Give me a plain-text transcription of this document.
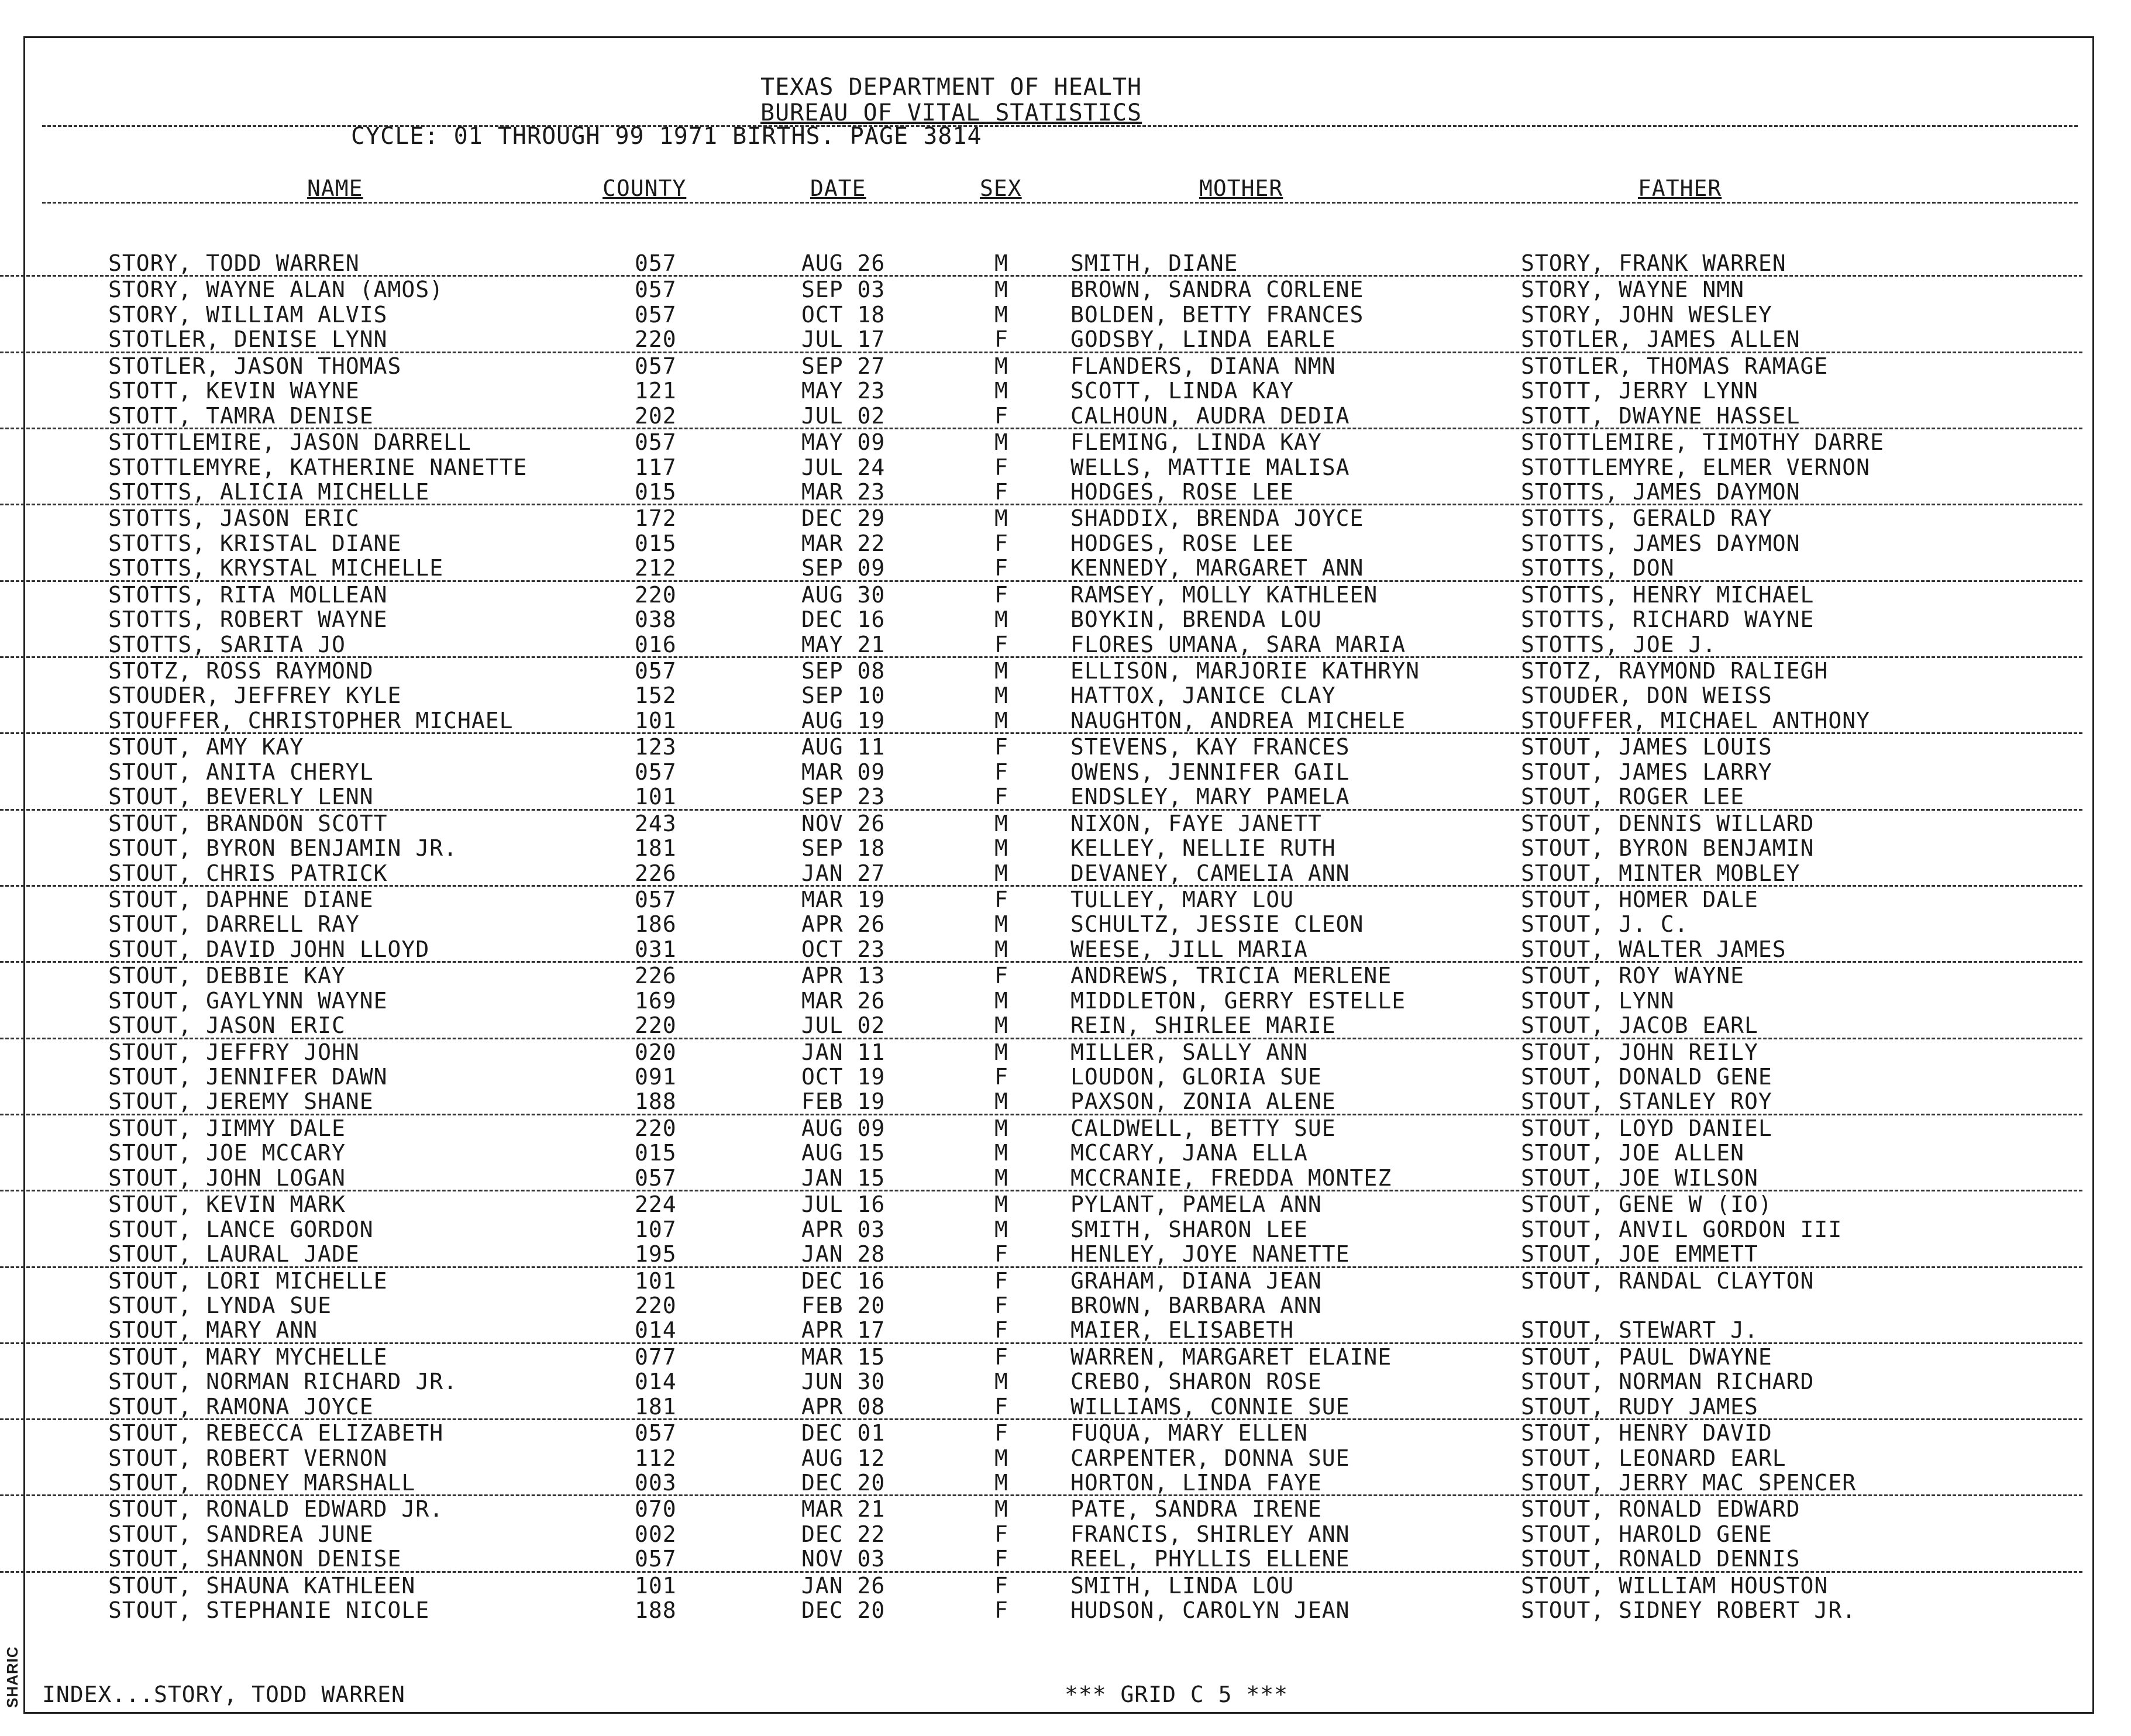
SHARIC
TEXAS DEPARTMENT OF HEALTH
BUREAU OF VITAL STATISTICS
CYCLE: 01 THROUGH 99 1971 BIRTHS. PAGE 3814
NAME	COUNTY	DATE	SEX	MOTHER	FATHER
STORY, TODD WARREN	057	AUG 26	M	SMITH, DIANE	STORY, FRANK WARREN
STORY, WAYNE ALAN (AMOS)	057	SEP 03	M	BROWN, SANDRA CORLENE	STORY, WAYNE NMN
STORY, WILLIAM ALVIS	057	OCT 18	M	BOLDEN, BETTY FRANCES	STORY, JOHN WESLEY
STOTLER, DENISE LYNN	220	JUL 17	F	GODSBY, LINDA EARLE	STOTLER, JAMES ALLEN
STOTLER, JASON THOMAS	057	SEP 27	M	FLANDERS, DIANA NMN	STOTLER, THOMAS RAMAGE
STOTT, KEVIN WAYNE	121	MAY 23	M	SCOTT, LINDA KAY	STOTT, JERRY LYNN
STOTT, TAMRA DENISE	202	JUL 02	F	CALHOUN, AUDRA DEDIA	STOTT, DWAYNE HASSEL
STOTTLEMIRE, JASON DARRELL	057	MAY 09	M	FLEMING, LINDA KAY	STOTTLEMIRE, TIMOTHY DARRE
STOTTLEMYRE, KATHERINE NANETTE	117	JUL 24	F	WELLS, MATTIE MALISA	STOTTLEMYRE, ELMER VERNON
STOTTS, ALICIA MICHELLE	015	MAR 23	F	HODGES, ROSE LEE	STOTTS, JAMES DAYMON
STOTTS, JASON ERIC	172	DEC 29	M	SHADDIX, BRENDA JOYCE	STOTTS, GERALD RAY
STOTTS, KRISTAL DIANE	015	MAR 22	F	HODGES, ROSE LEE	STOTTS, JAMES DAYMON
STOTTS, KRYSTAL MICHELLE	212	SEP 09	F	KENNEDY, MARGARET ANN	STOTTS, DON
STOTTS, RITA MOLLEAN	220	AUG 30	F	RAMSEY, MOLLY KATHLEEN	STOTTS, HENRY MICHAEL
STOTTS, ROBERT WAYNE	038	DEC 16	M	BOYKIN, BRENDA LOU	STOTTS, RICHARD WAYNE
STOTTS, SARITA JO	016	MAY 21	F	FLORES UMANA, SARA MARIA	STOTTS, JOE J.
STOTZ, ROSS RAYMOND	057	SEP 08	M	ELLISON, MARJORIE KATHRYN	STOTZ, RAYMOND RALIEGH
STOUDER, JEFFREY KYLE	152	SEP 10	M	HATTOX, JANICE CLAY	STOUDER, DON WEISS
STOUFFER, CHRISTOPHER MICHAEL	101	AUG 19	M	NAUGHTON, ANDREA MICHELE	STOUFFER, MICHAEL ANTHONY
STOUT, AMY KAY	123	AUG 11	F	STEVENS, KAY FRANCES	STOUT, JAMES LOUIS
STOUT, ANITA CHERYL	057	MAR 09	F	OWENS, JENNIFER GAIL	STOUT, JAMES LARRY
STOUT, BEVERLY LENN	101	SEP 23	F	ENDSLEY, MARY PAMELA	STOUT, ROGER LEE
STOUT, BRANDON SCOTT	243	NOV 26	M	NIXON, FAYE JANETT	STOUT, DENNIS WILLARD
STOUT, BYRON BENJAMIN JR.	181	SEP 18	M	KELLEY, NELLIE RUTH	STOUT, BYRON BENJAMIN
STOUT, CHRIS PATRICK	226	JAN 27	M	DEVANEY, CAMELIA ANN	STOUT, MINTER MOBLEY
STOUT, DAPHNE DIANE	057	MAR 19	F	TULLEY, MARY LOU	STOUT, HOMER DALE
STOUT, DARRELL RAY	186	APR 26	M	SCHULTZ, JESSIE CLEON	STOUT, J. C.
STOUT, DAVID JOHN LLOYD	031	OCT 23	M	WEESE, JILL MARIA	STOUT, WALTER JAMES
STOUT, DEBBIE KAY	226	APR 13	F	ANDREWS, TRICIA MERLENE	STOUT, ROY WAYNE
STOUT, GAYLYNN WAYNE	169	MAR 26	M	MIDDLETON, GERRY ESTELLE	STOUT, LYNN
STOUT, JASON ERIC	220	JUL 02	M	REIN, SHIRLEE MARIE	STOUT, JACOB EARL
STOUT, JEFFRY JOHN	020	JAN 11	M	MILLER, SALLY ANN	STOUT, JOHN REILY
STOUT, JENNIFER DAWN	091	OCT 19	F	LOUDON, GLORIA SUE	STOUT, DONALD GENE
STOUT, JEREMY SHANE	188	FEB 19	M	PAXSON, ZONIA ALENE	STOUT, STANLEY ROY
STOUT, JIMMY DALE	220	AUG 09	M	CALDWELL, BETTY SUE	STOUT, LOYD DANIEL
STOUT, JOE MCCARY	015	AUG 15	M	MCCARY, JANA ELLA	STOUT, JOE ALLEN
STOUT, JOHN LOGAN	057	JAN 15	M	MCCRANIE, FREDDA MONTEZ	STOUT, JOE WILSON
STOUT, KEVIN MARK	224	JUL 16	M	PYLANT, PAMELA ANN	STOUT, GENE W (IO)
STOUT, LANCE GORDON	107	APR 03	M	SMITH, SHARON LEE	STOUT, ANVIL GORDON III
STOUT, LAURAL JADE	195	JAN 28	F	HENLEY, JOYE NANETTE	STOUT, JOE EMMETT
STOUT, LORI MICHELLE	101	DEC 16	F	GRAHAM, DIANA JEAN	STOUT, RANDAL CLAYTON
STOUT, LYNDA SUE	220	FEB 20	F	BROWN, BARBARA ANN
STOUT, MARY ANN	014	APR 17	F	MAIER, ELISABETH	STOUT, STEWART J.
STOUT, MARY MYCHELLE	077	MAR 15	F	WARREN, MARGARET ELAINE	STOUT, PAUL DWAYNE
STOUT, NORMAN RICHARD JR.	014	JUN 30	M	CREBO, SHARON ROSE	STOUT, NORMAN RICHARD
STOUT, RAMONA JOYCE	181	APR 08	F	WILLIAMS, CONNIE SUE	STOUT, RUDY JAMES
STOUT, REBECCA ELIZABETH	057	DEC 01	F	FUQUA, MARY ELLEN	STOUT, HENRY DAVID
STOUT, ROBERT VERNON	112	AUG 12	M	CARPENTER, DONNA SUE	STOUT, LEONARD EARL
STOUT, RODNEY MARSHALL	003	DEC 20	M	HORTON, LINDA FAYE	STOUT, JERRY MAC SPENCER
STOUT, RONALD EDWARD JR.	070	MAR 21	M	PATE, SANDRA IRENE	STOUT, RONALD EDWARD
STOUT, SANDREA JUNE	002	DEC 22	F	FRANCIS, SHIRLEY ANN	STOUT, HAROLD GENE
STOUT, SHANNON DENISE	057	NOV 03	F	REEL, PHYLLIS ELLENE	STOUT, RONALD DENNIS
STOUT, SHAUNA KATHLEEN	101	JAN 26	F	SMITH, LINDA LOU	STOUT, WILLIAM HOUSTON
STOUT, STEPHANIE NICOLE	188	DEC 20	F	HUDSON, CAROLYN JEAN	STOUT, SIDNEY ROBERT JR.
INDEX...STORY, TODD WARREN	*** GRID C 5 ***
